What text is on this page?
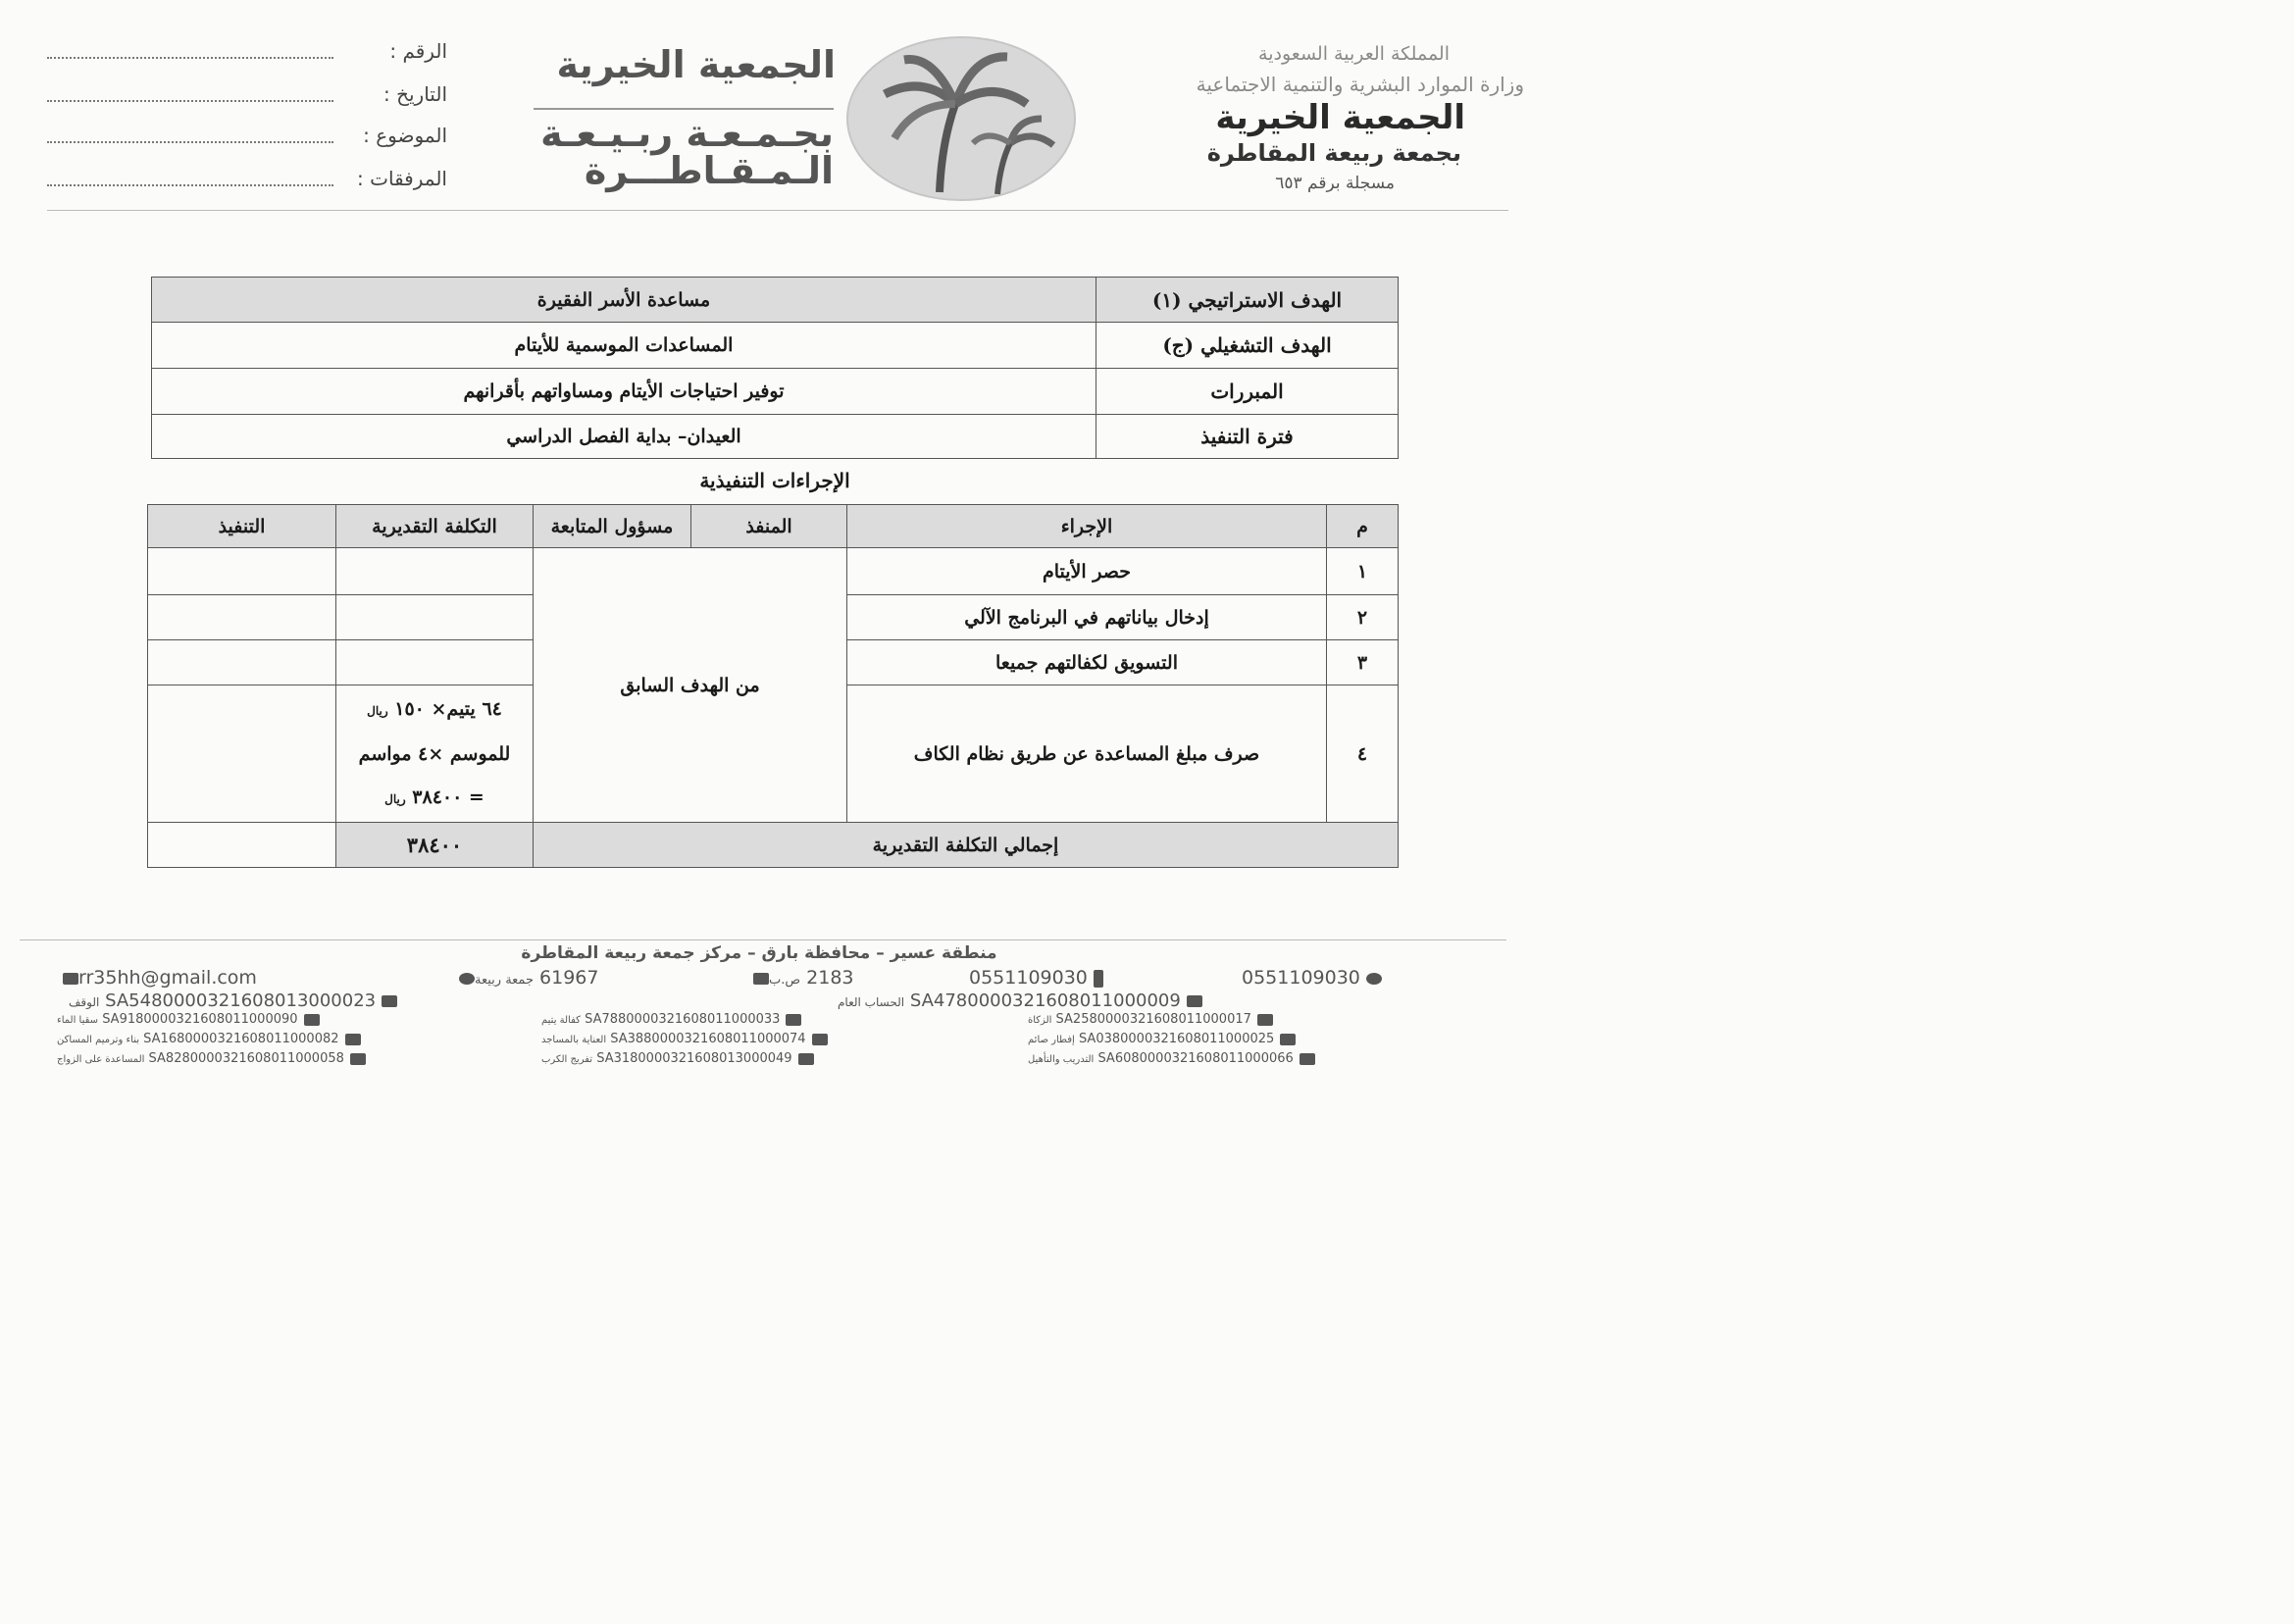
المملكة العربية السعودية
وزارة الموارد البشرية والتنمية الاجتماعية
الجمعية الخيرية
بجمعة ربيعة المقاطرة
مسجلة برقم ٦٥٣
الجمعية الخيرية
بجـمـعـة ربـيـعـة
الـمـقـاطـــرة
الرقم :
التاريخ :
الموضوع :
المرفقات :
الهدف الاستراتيجي (١)	مساعدة الأسر الفقيرة
الهدف التشغيلي (ج)	المساعدات الموسمية للأيتام
المبررات	توفير احتياجات الأيتام ومساواتهم بأقرانهم
فترة التنفيذ	العيدان– بداية الفصل الدراسي
الإجراءات التنفيذية
م	الإجراء	المنفذ	مسؤول المتابعة	التكلفة التقديرية	التنفيذ
١	حصر الأيتام	من الهدف السابق			
٢	إدخال بياناتهم في البرنامج الآلي				
٣	التسويق لكفالتهم جميعا				
٤	صرف مبلغ المساعدة عن طريق نظام الكاف			٦٤ يتيم× ١٥٠ ريال
للموسم ×٤ مواسم
= ٣٨٤٠٠ ريال	

إجمالي التكلفة التقديرية				٣٨٤٠٠	
منطقة عسير – محافظة بارق – مركز جمعة ربيعة المقاطرة
0551109030
0551109030
2183 ص.ب
61967 جمعة ربيعة
rr35hh@gmail.com
SA4780000321608011000009 الحساب العام
SA5480000321608013000023 الوقف
SA2580000321608011000017 الزكاة
SA7880000321608011000033 كفالة يتيم
SA9180000321608011000090 سقيا الماء
SA0380000321608011000025 إفطار صائم
SA3880000321608011000074 العناية بالمساجد
SA1680000321608011000082 بناء وترميم المساكن
SA6080000321608011000066 التدريب والتأهيل
SA3180000321608013000049 تفريج الكرب
SA8280000321608011000058 المساعدة على الزواج
